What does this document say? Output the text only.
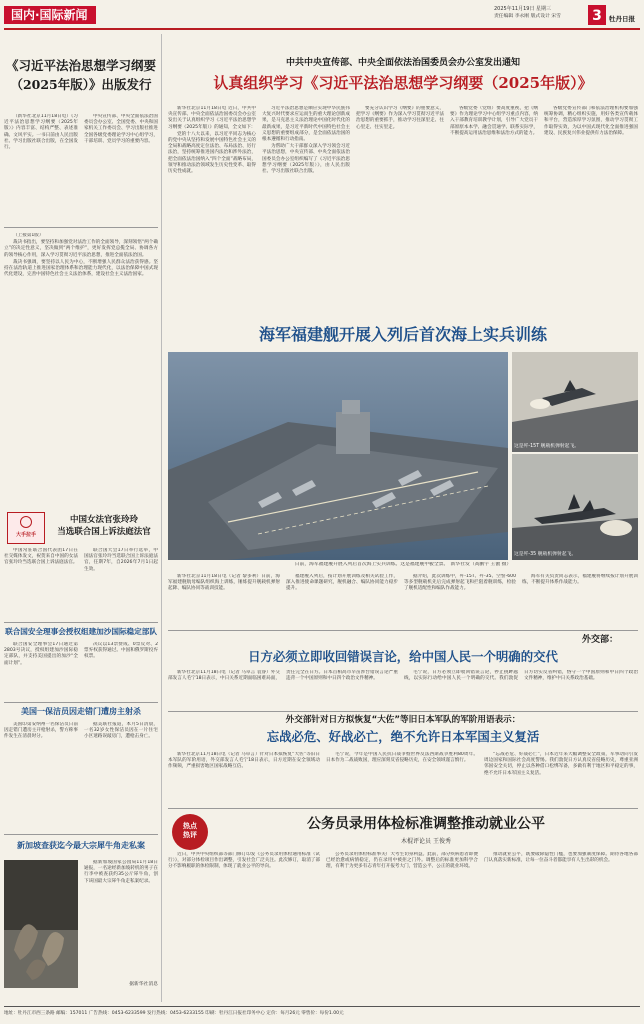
国内·国际新闻	2025年11月19日 星期三
责任编辑 李永刚 版式设计 宋雪	3	牡丹日报
《习近平法治思想学习纲要
（2025年版）》出版发行

（新华社北京11月18日电）《习近平法治思想学习纲要（2025年版）》内容丰富、结构严整、表述准确、文风平实。一书日前由人民出版社、学习出版社联合出版，在全国发行。

中央宣传部、中央全面依法治国委员会办公室、全国党委、中央和国家机关工作委员会、学习出版社推进全国各级党委理论学习中心组学习，干部培训、党员学习的重要内容。

（上接第1版）

裁决书指出，要坚持和加强党对法治工作的全面领导，深刻领悟“两个确立”的决定性意义，坚决做到“两个维护”，更好发挥党总揽全局、协调各方的领导核心作用，深入学习贯彻习近平法治思想，推进全面依法治国。

裁决书强调，要坚持以人民为中心，不断增强人民群众法治获得感。坚持在法治轨道上推进国家治理体系和治理能力现代化，以法治保障中国式现代化建设，完善中国特色社会主义法治体系，建设社会主义法治国家。

大手拉手
中国女法官张玲玲
当选联合国上诉法庭法官

中国常驻联合国代表团17日在社交媒体发文，祝贺来自中国的女法官张玲玲当选联合国上诉法庭法官。

联合国大会17日举行选举，中国法官张玲玲当选联合国上诉法庭法官，任期7年，自2026年7月1日起生效。

联合国安全理事会授权组建加沙国际稳定部队

联合国安全理事会17日通过第2803号决议，授权组建加沙国际稳定部队，并支持美国提出的加沙“全面计划”。

决议以13票赞成、0票反对、2票弃权获得通过。中国和俄罗斯投弃权票。

美国一保洁员因走错门遭房主射杀

美国印第安纳州一名保洁员日前因走错门遭房主开枪射杀，警方称事件发生在清晨时分。

据美联社报道，本月5日清晨，一名32岁女性保洁员因在一片住宅小区迷路误敲房门，遭枪击身亡。

新加坡查获迄今最大宗犀牛角走私案

据新加坡国家公园局11月18日通报，一名途经新加坡转机的男子在行李中被查获约35公斤犀牛角，创下该国最大宗犀牛角走私案纪录。

据新华社消息
中共中央宣传部、中央全面依法治国委员会办公室发出通知
认真组织学习《习近平法治思想学习纲要（2025年版）》

新华社北京11月18日电 近日，中共中央宣传部、中央全面依法治国委员会办公室发出关于认真组织学习《习近平法治思想学习纲要（2025年版）》的通知，全文如下：

党的十八大以来，以习近平同志为核心的党中央从坚持和发展中国特色社会主义的全局和战略高度定位法治、布局法治、厉行法治，坚持统筹推进国内法治和涉外法治，把全面依法治国纳入“四个全面”战略布局，领导和推动法治领域发生历史性变革、取得历史性成就。

习近平法治思想是顺应实现中华民族伟大复兴时代要求应运而生的重大理论创新成果，是马克思主义法治理论中国化时代化的最新成果，是习近平新时代中国特色社会主义思想的重要组成部分，是全面依法治国的根本遵循和行动指南。

为帮助广大干部群众深入学习领会习近平法治思想，中央宣传部、中央全面依法治国委员会办公室组织编写了《习近平法治思想学习纲要（2025年版）》，由人民出版社、学习出版社联合出版。

要充分认识学习《纲要》的重要意义，把学习《纲要》作为深入学习贯彻习近平法治思想的重要抓手，推动学习往深里走、往心里走、往实里走。

各级党委（党组）要高度重视，把《纲要》作为理论学习中心组学习重点内容，纳入干部教育培训教学计划，引导广大党员干部原原本本学、融会贯通学、联系实际学，不断提高运用法治思维和法治方式的能力。

各级党委宣传部门和依法治理机构要加强统筹协调，精心组织实施，用好各类宣传载体和平台，营造浓厚学习氛围，推动学习贯彻工作取得实效，为以中国式现代化全面推进强国建设、民族复兴伟业提供有力法治保障。

海军福建舰开展入列后首次海上实兵训练
这是歼-15T 舰载机弹射起飞。
这是歼-35 舰载机弹射起飞。
日前，海军福建舰开展入列后首次海上实兵训练。这是福建舰甲板全景。　新华社发（高鹏宇 王傲 摄）

新华社北京11月18日电（记者 黎多利）日前，海军福建舰航母编队组织海上训练，锤炼提升舰载机弹射起降、编队协同等战训技能。

福建舰入列后，按计划开展训练及相关试验工作，深入推进使命课题研究，舰机融合、编队协同能力稳步提升。

据介绍，此次训练中，歼-15T、歼-35、空警-600等多型舰载机先后完成弹射起飞和拦阻着舰训练，检验了舰机适配性和编队作战能力。

海军有关负责同志表示，福建舰将继续按计划开展训练，不断提升体系作战能力。

外交部：
日方必须立即收回错误言论，给中国人民一个明确的交代

新华社北京11月18日电（记者 马卓言 袁睿）外交部发言人毛宁18日表示，中日关系近期面临困难局面，责任完全在日方。日本首相高市早苗涉台错误言论严重违背一个中国原则和中日四个政治文件精神。

毛宁说，日方必须立即收回错误言论，停止挑衅越线，以实际行动给中国人民一个明确的交代。我们敦促日方切实反省纠错，恪守一个中国原则和中日四个政治文件精神，维护中日关系政治基础。

外交部针对日方拟恢复“大佐”等旧日本军队的军阶用语表示：
忘战必危、好战必亡，绝不允许日本军国主义复活

新华社北京11月18日电（记者 马卓言）针对日本拟恢复“大佐”等旧日本军队的军阶用语，外交部发言人毛宁18日表示，日方近期在安全领域动作频频，严重损害地区国家战略互信。

毛宁说，今年是中国人民抗日战争暨世界反法西斯战争胜利80周年。日本作为二战战败国，理应深刻反省侵略历史，在安全领域谨言慎行。

“忘战必危、好战必亡”，日本近年来大幅调整安全政策，军事动向引发周边国家和国际社会高度警惕。我们敦促日方认真反省侵略历史，尊重亚洲邻国安全关切，停止以各种借口松绑军备，多做有利于地区和平稳定的事，绝不允许日本军国主义复活。

热点
热评
公务员录用体检标准调整推动就业公平
木棍评论员 王俊秀

近日，中共中央组织部等部门修订印发《公务员录用体检通用标准（试行）》，对部分体检项目作出调整，引发社会广泛关注。此次修订，取消了部分不影响履职的体检限制，体现了就业公平的导向。

公务员录用体检标准事关广大考生切身利益。此前，部分疾病患者即便已经治愈或病情稳定，仍在录用中被拒之门外。调整后的标准更加科学合理，有利于为更多有志青年打开报考大门，营造公平、公正的就业环境。

推动就业公平，既要破除隐性门槛，也要加强制度保障。期待各地各部门认真落实新标准，让每一位奋斗者都能享有人生出彩的机会。

地址：牡丹江市西三条路 邮编：157011 广告热线：0453-6233599 发行热线：0453-6233155 印刷：牡丹江日报社印务中心 定价：每月26元 零售价：每份1.00元
